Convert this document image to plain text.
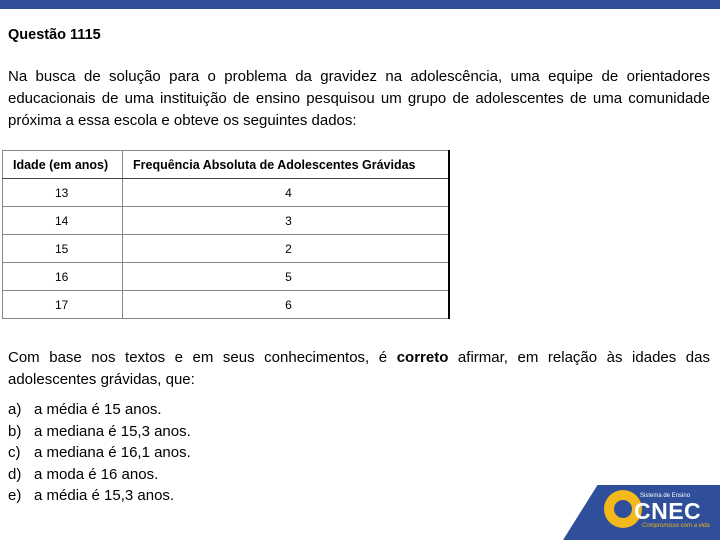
Questão 1115
Na busca de solução para o problema da gravidez na adolescência, uma equipe de orientadores educacionais de uma instituição de ensino pesquisou um grupo de adolescentes de uma comunidade próxima a essa escola e obteve os seguintes dados:
Idade (em anos)	Frequência Absoluta de Adolescentes Grávidas
13	4
14	3
15	2
16	5
17	6
Com base nos textos e em seus conhecimentos, é correto afirmar, em relação às idades das adolescentes grávidas, que:
a) a média é 15 anos.
b) a mediana é 15,3 anos.
c) a mediana é 16,1 anos.
d) a moda é 16 anos.
e) a média é 15,3 anos.	Sistema de Ensino
CNEC
Compromisso com a vida
